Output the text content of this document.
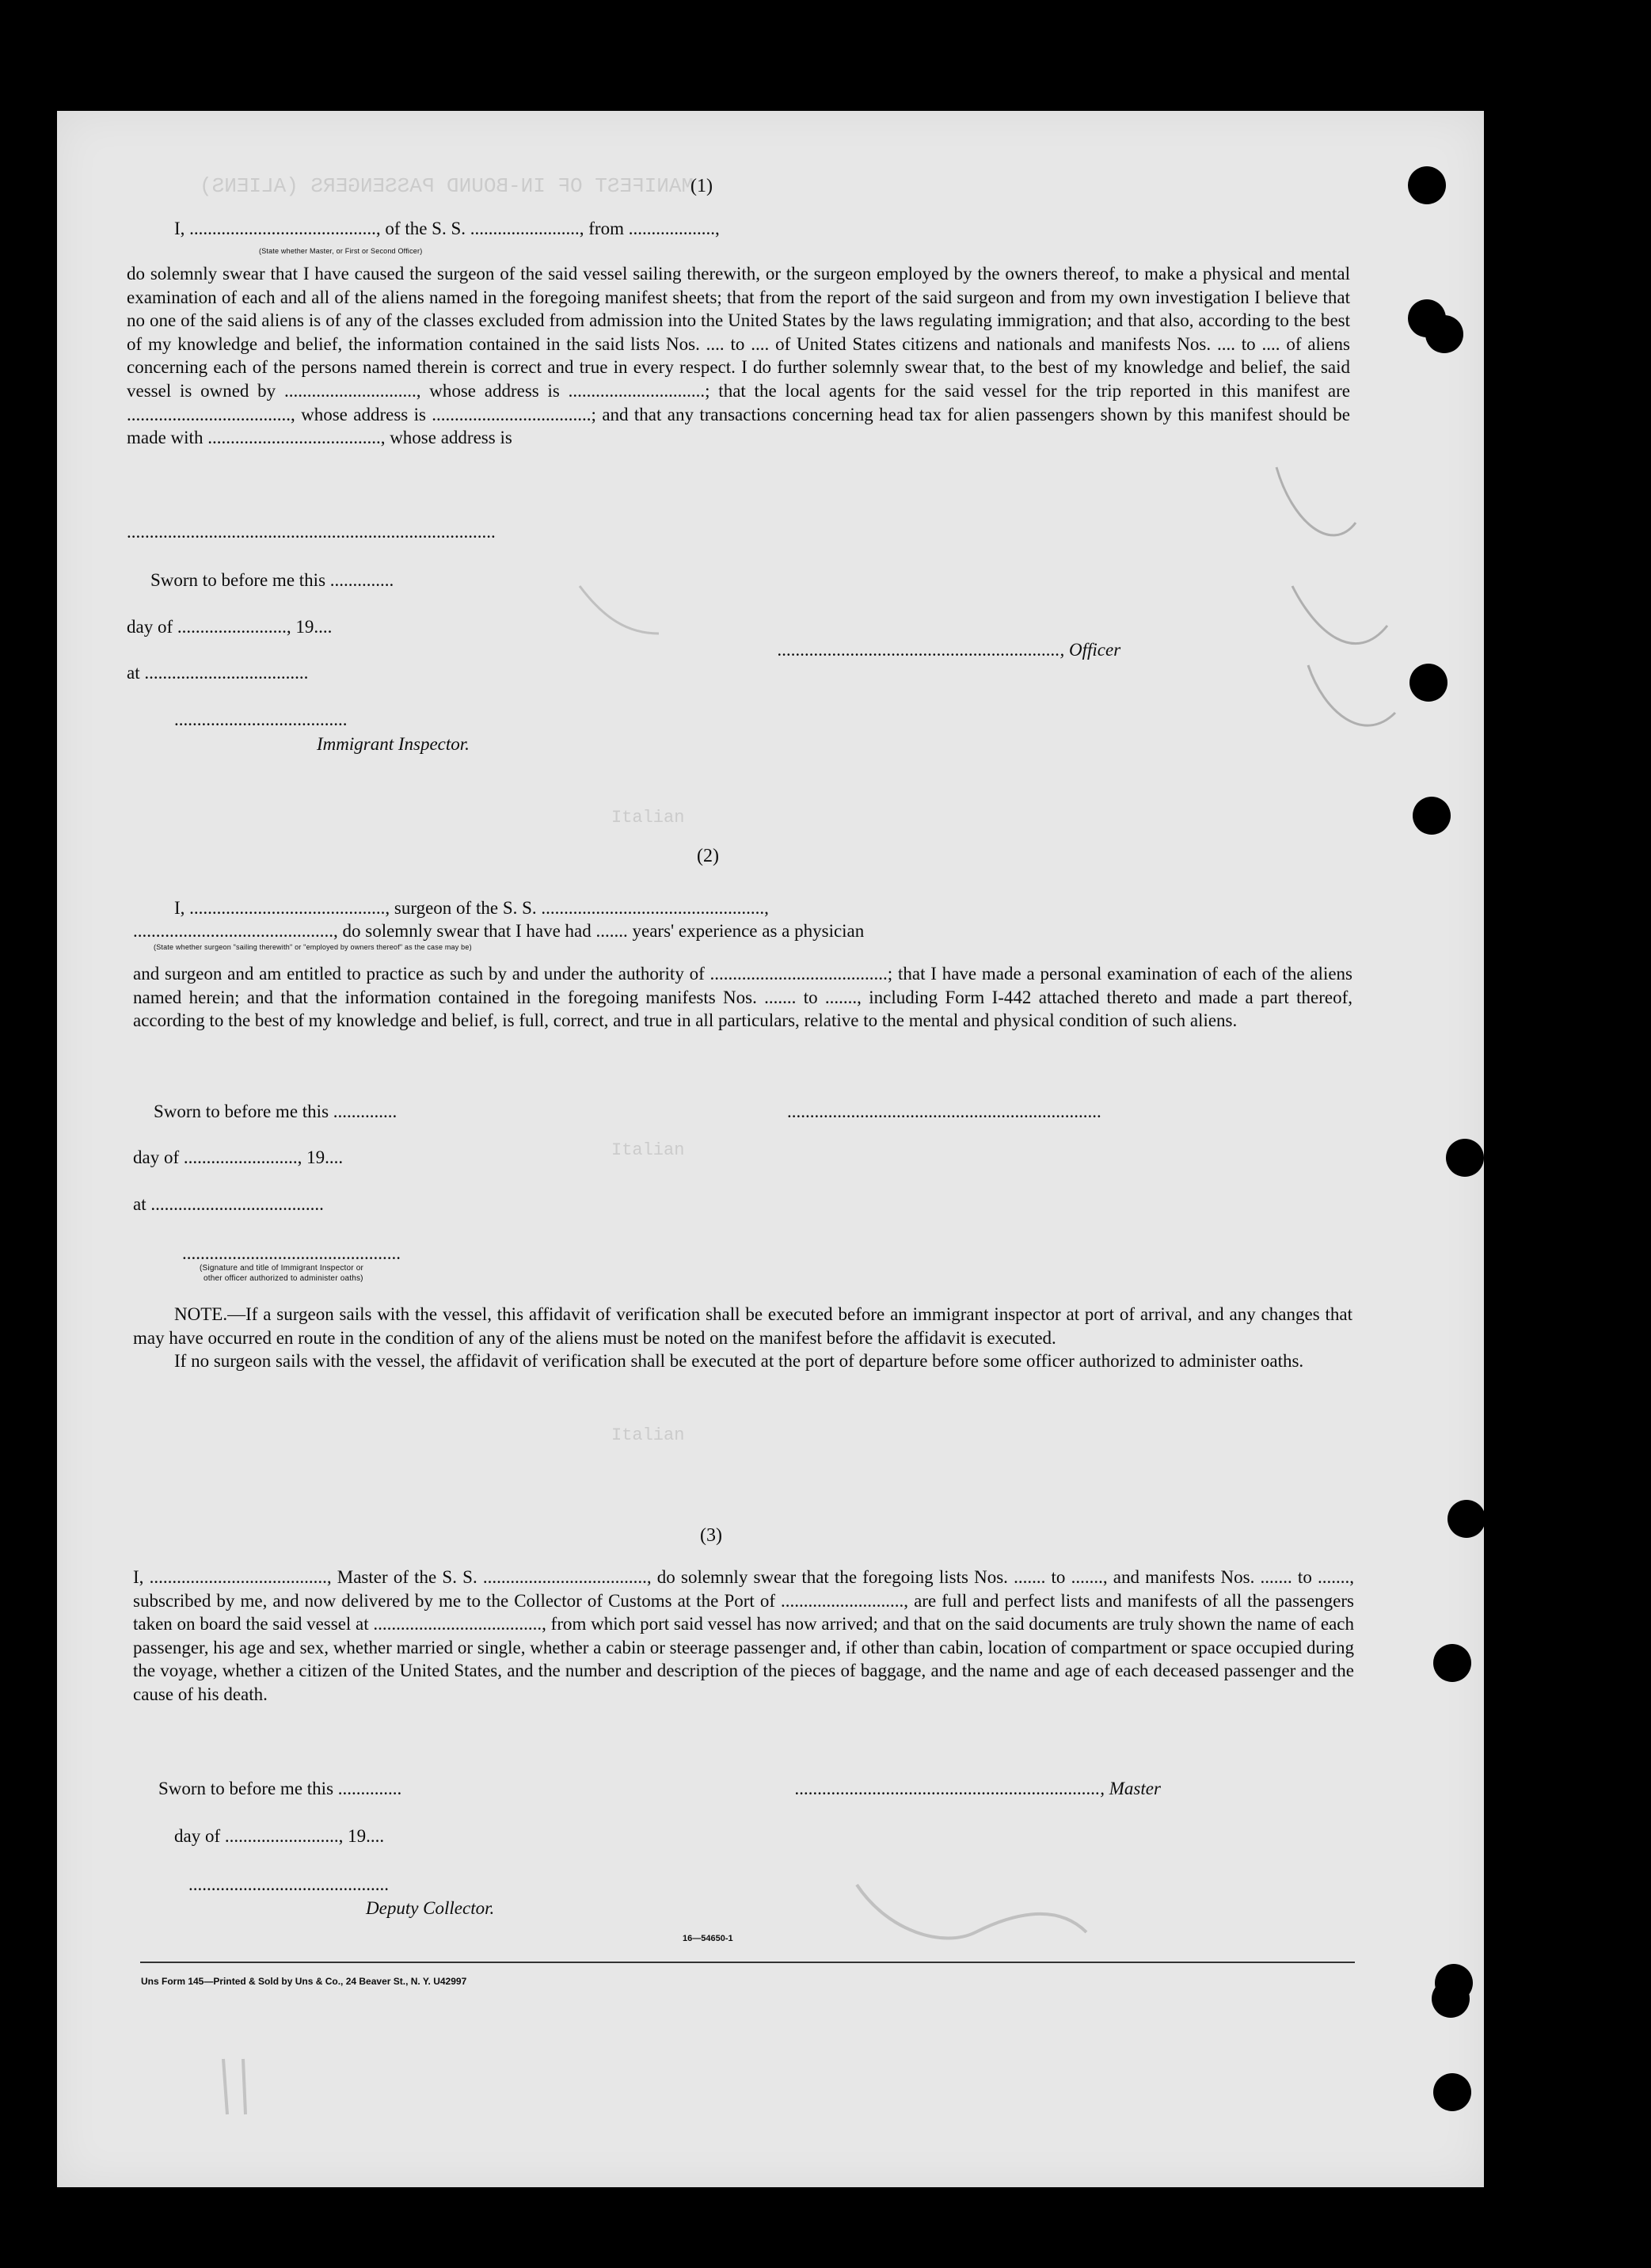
MANIFEST OF IN-BOUND PASSENGERS (ALIENS)
Italian
Italian
Italian
(1)
I, ........................................., of the S. S. ........................, from ...................,
(State whether Master, or First or Second Officer)

do solemnly swear that I have caused the surgeon of the said vessel sailing therewith, or the surgeon employed by the owners thereof, to make a physical and mental examination of each and all of the aliens named in the foregoing manifest sheets; that from the report of the said surgeon and from my own investigation I believe that no one of the said aliens is of any of the classes excluded from admission into the United States by the laws regulating immigration; and that also, according to the best of my knowledge and belief, the information contained in the said lists Nos. .... to .... of United States citizens and nationals and manifests Nos. .... to .... of aliens concerning each of the persons named therein is correct and true in every respect. I do further solemnly swear that, to the best of my knowledge and belief, the said vessel is owned by ............................., whose address is ..............................; that the local agents for the said vessel for the trip reported in this manifest are ...................................., whose address is ...................................; and that any transactions concerning head tax for alien passengers shown by this manifest should be made with ......................................, whose address is

.................................................................................
Sworn to before me this ..............
day of ........................, 19....
at ....................................
......................................
Immigrant Inspector.
.............................................................., Officer
(2)
I, ..........................................., surgeon of the S. S. .................................................,
............................................, do solemnly swear that I have had ....... years' experience as a physician
(State whether surgeon "sailing therewith" or "employed by owners thereof" as the case may be)

and surgeon and am entitled to practice as such by and under the authority of .......................................; that I have made a personal examination of each of the aliens named herein; and that the information contained in the foregoing manifests Nos. ....... to ......., including Form I-442 attached thereto and made a part thereof, according to the best of my knowledge and belief, is full, correct, and true in all particulars, relative to the mental and physical condition of such aliens.

Sworn to before me this ..............	.....................................................................
day of ........................., 19....
at ......................................
................................................
(Signature and title of Immigrant Inspector or
other officer authorized to administer oaths)

NOTE.—If a surgeon sails with the vessel, this affidavit of verification shall be executed before an immigrant inspector at port of arrival, and any changes that may have occurred en route in the condition of any of the aliens must be noted on the manifest before the affidavit is executed.

If no surgeon sails with the vessel, the affidavit of verification shall be executed at the port of departure before some officer authorized to administer oaths.

(3)

I, ......................................., Master of the S. S. ...................................., do solemnly swear that the foregoing lists Nos. ....... to ......., and manifests Nos. ....... to ......., subscribed by me, and now delivered by me to the Collector of Customs at the Port of ..........................., are full and perfect lists and manifests of all the passengers taken on board the said vessel at ....................................., from which port said vessel has now arrived; and that on the said documents are truly shown the name of each passenger, his age and sex, whether married or single, whether a cabin or steerage passenger and, if other than cabin, location of compartment or space occupied during the voyage, whether a citizen of the United States, and the number and description of the pieces of baggage, and the name and age of each deceased passenger and the cause of his death.

Sworn to before me this ..............	..................................................................., Master
day of ........................., 19....
............................................
Deputy Collector.
16—54650-1
Uns Form 145—Printed & Sold by Uns & Co., 24 Beaver St., N. Y. U42997
